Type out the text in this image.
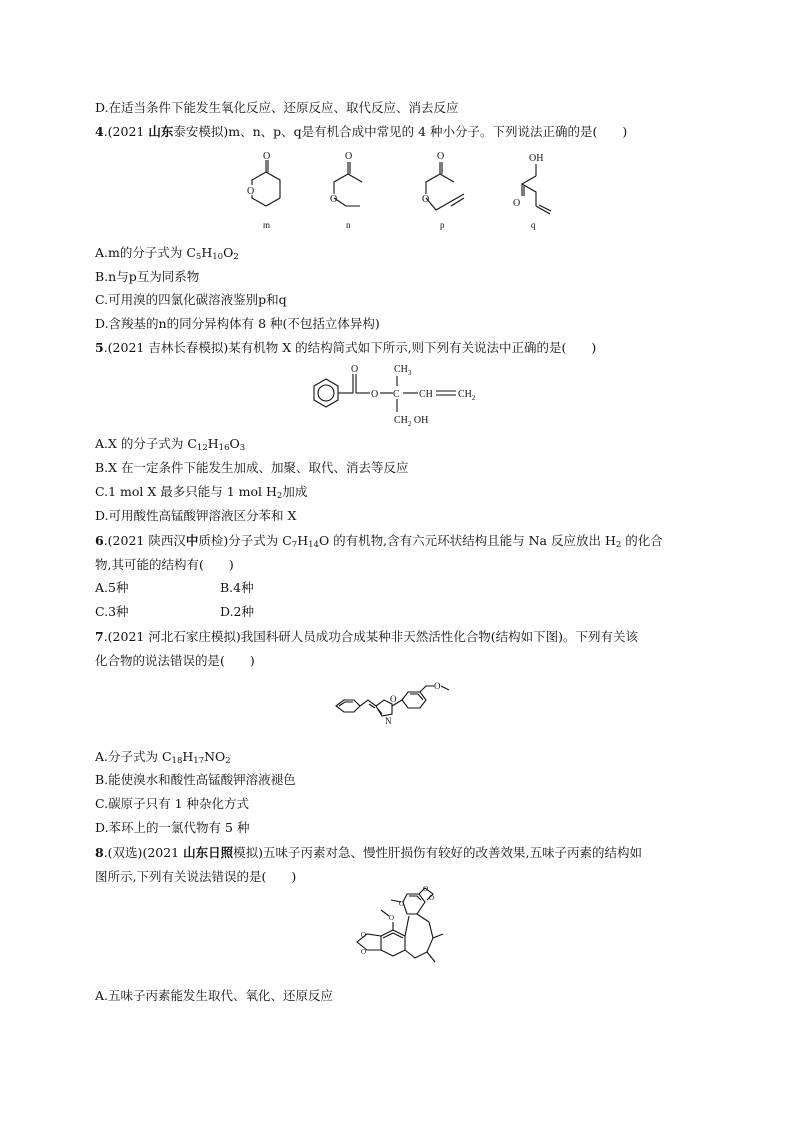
D.在适当条件下能发生氧化反应、还原反应、取代反应、消去反应
4.(2021 山东泰安模拟)m、n、p、q是有机合成中常见的 4 种小分子。下列说法正确的是(　　)
O
O
m
O
O
n
O
O
p
OH
O
q
A.m的分子式为 $C_5H_{10}O_2$
B.n与p互为同系物
C.可用溴的四氯化碳溶液鉴别p和q
D.含羧基的n的同分异构体有 8 种(不包括立体异构)
5.(2021 吉林长春模拟)某有机物 X 的结构简式如下所示,则下列有关说法中正确的是(　　)
O
O C
$CH_3$
$CH_2$ OH
CH	$CH_2$
A.X 的分子式为 $C_{12}H_{16}O_3$
B.X 在一定条件下能发生加成、加聚、取代、消去等反应
C.1 mol X 最多只能与 1 mol $H_2$加成
D.可用酸性高锰酸钾溶液区分苯和 X
6.(2021 陕西汉中质检)分子式为 $C_7H_{14}O$ 的有机物,含有六元环状结构且能与 Na 反应放出 $H_2$ 的化合
物,其可能的结构有(　　)
A.5种	B.4种
C.3种	D.2种
7.(2021 河北石家庄模拟)我国科研人员成功合成某种非天然活性化合物(结构如下图)。下列有关该
化合物的说法错误的是(　　)
O
N
O
A.分子式为 $C_{18}H_{17}NO_2$
B.能使溴水和酸性高锰酸钾溶液褪色
C.碳原子只有 1 种杂化方式
D.苯环上的一氯代物有 5 种
8.(双选)(2021 山东日照模拟)五味子丙素对急、慢性肝损伤有较好的改善效果,五味子丙素的结构如
图所示,下列有关说法错误的是(　　)
O
O
O
O
O
O
A.五味子丙素能发生取代、氧化、还原反应
